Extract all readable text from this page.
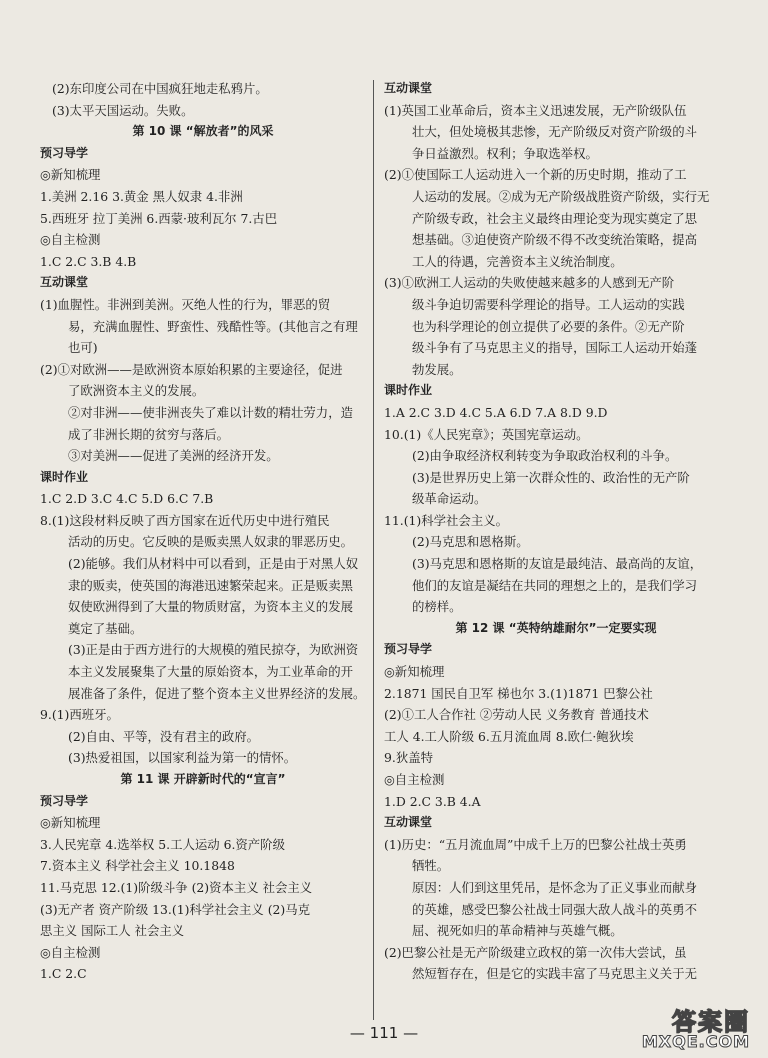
(2)东印度公司在中国疯狂地走私鸦片。
(3)太平天国运动。失败。
第 10 课 “解放者”的风采
预习导学
◎新知梳理
1.美洲 2.16 3.黄金 黑人奴隶 4.非洲
5.西班牙 拉丁美洲 6.西蒙·玻利瓦尔 7.古巴
◎自主检测
1.C 2.C 3.B 4.B
互动课堂
(1)血腥性。非洲到美洲。灭绝人性的行为，罪恶的贸
易，充满血腥性、野蛮性、残酷性等。(其他言之有理
也可)
(2)①对欧洲——是欧洲资本原始积累的主要途径，促进
了欧洲资本主义的发展。
②对非洲——使非洲丧失了难以计数的精壮劳力，造
成了非洲长期的贫穷与落后。
③对美洲——促进了美洲的经济开发。
课时作业
1.C 2.D 3.C 4.C 5.D 6.C 7.B
8.(1)这段材料反映了西方国家在近代历史中进行殖民
活动的历史。它反映的是贩卖黑人奴隶的罪恶历史。
(2)能够。我们从材料中可以看到，正是由于对黑人奴
隶的贩卖，使英国的海港迅速繁荣起来。正是贩卖黑
奴使欧洲得到了大量的物质财富，为资本主义的发展
奠定了基础。
(3)正是由于西方进行的大规模的殖民掠夺，为欧洲资
本主义发展聚集了大量的原始资本，为工业革命的开
展准备了条件，促进了整个资本主义世界经济的发展。
9.(1)西班牙。
(2)自由、平等，没有君主的政府。
(3)热爱祖国，以国家利益为第一的情怀。
第 11 课 开辟新时代的“宣言”
预习导学
◎新知梳理
3.人民宪章 4.选举权 5.工人运动 6.资产阶级
7.资本主义 科学社会主义 10.1848
11.马克思 12.(1)阶级斗争 (2)资本主义 社会主义
(3)无产者 资产阶级 13.(1)科学社会主义 (2)马克
思主义 国际工人 社会主义
◎自主检测
1.C 2.C
互动课堂
(1)英国工业革命后，资本主义迅速发展，无产阶级队伍
壮大，但处境极其悲惨，无产阶级反对资产阶级的斗
争日益激烈。权利；争取选举权。
(2)①使国际工人运动进入一个新的历史时期，推动了工
人运动的发展。②成为无产阶级战胜资产阶级，实行无
产阶级专政，社会主义最终由理论变为现实奠定了思
想基础。③迫使资产阶级不得不改变统治策略，提高
工人的待遇，完善资本主义统治制度。
(3)①欧洲工人运动的失败使越来越多的人感到无产阶
级斗争迫切需要科学理论的指导。工人运动的实践
也为科学理论的创立提供了必要的条件。②无产阶
级斗争有了马克思主义的指导，国际工人运动开始蓬
勃发展。
课时作业
1.A 2.C 3.D 4.C 5.A 6.D 7.A 8.D 9.D
10.(1)《人民宪章》；英国宪章运动。
(2)由争取经济权利转变为争取政治权利的斗争。
(3)是世界历史上第一次群众性的、政治性的无产阶
级革命运动。
11.(1)科学社会主义。
(2)马克思和恩格斯。
(3)马克思和恩格斯的友谊是最纯洁、最高尚的友谊，
他们的友谊是凝结在共同的理想之上的，是我们学习
的榜样。
第 12 课 “英特纳雄耐尔”一定要实现
预习导学
◎新知梳理
2.1871 国民自卫军 梯也尔 3.(1)1871 巴黎公社
(2)①工人合作社 ②劳动人民 义务教育 普通技术
工人 4.工人阶级 6.五月流血周 8.欧仁·鲍狄埃
9.狄盖特
◎自主检测
1.D 2.C 3.B 4.A
互动课堂
(1)历史：“五月流血周”中成千上万的巴黎公社战士英勇
牺牲。
原因：人们到这里凭吊，是怀念为了正义事业而献身
的英雄，感受巴黎公社战士同强大敌人战斗的英勇不
屈、视死如归的革命精神与英雄气概。
(2)巴黎公社是无产阶级建立政权的第一次伟大尝试，虽
然短暂存在，但是它的实践丰富了马克思主义关于无
— 111 —	答案圈
MXQE.COM
